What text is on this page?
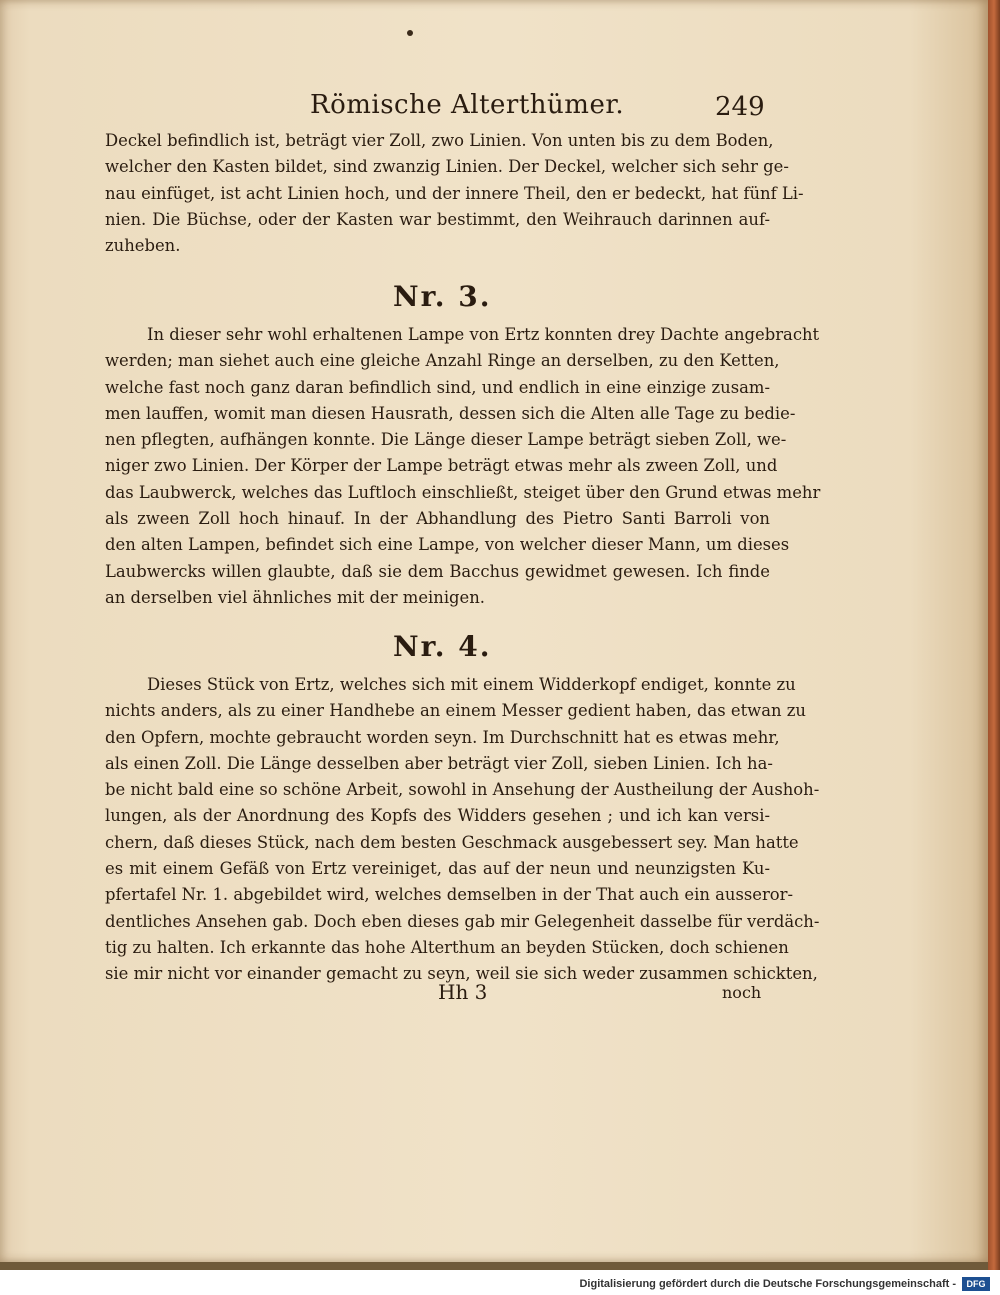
Römische Alterthümer.	249
Deckel befindlich ist, beträgt vier Zoll, zwo Linien. Von unten bis zu dem Boden,
welcher den Kasten bildet, sind zwanzig Linien. Der Deckel, welcher sich sehr ge-
nau einfüget, ist acht Linien hoch, und der innere Theil, den er bedeckt, hat fünf Li-
nien. Die Büchse, oder der Kasten war bestimmt, den Weihrauch darinnen auf-
zuheben.
Nr. 3.
In dieser sehr wohl erhaltenen Lampe von Ertz konnten drey Dachte angebracht
werden; man siehet auch eine gleiche Anzahl Ringe an derselben, zu den Ketten,
welche fast noch ganz daran befindlich sind, und endlich in eine einzige zusam-
men lauffen, womit man diesen Hausrath, dessen sich die Alten alle Tage zu bedie-
nen pflegten, aufhängen konnte. Die Länge dieser Lampe beträgt sieben Zoll, we-
niger zwo Linien. Der Körper der Lampe beträgt etwas mehr als zween Zoll, und
das Laubwerck, welches das Luftloch einschließt, steiget über den Grund etwas mehr
als zween Zoll hoch hinauf. In der Abhandlung des Pietro Santi Barroli von
den alten Lampen, befindet sich eine Lampe, von welcher dieser Mann, um dieses
Laubwercks willen glaubte, daß sie dem Bacchus gewidmet gewesen. Ich finde
an derselben viel ähnliches mit der meinigen.
Nr. 4.
Dieses Stück von Ertz, welches sich mit einem Widderkopf endiget, konnte zu
nichts anders, als zu einer Handhebe an einem Messer gedient haben, das etwan zu
den Opfern, mochte gebraucht worden seyn. Im Durchschnitt hat es etwas mehr,
als einen Zoll. Die Länge desselben aber beträgt vier Zoll, sieben Linien. Ich ha-
be nicht bald eine so schöne Arbeit, sowohl in Ansehung der Austheilung der Aushoh-
lungen, als der Anordnung des Kopfs des Widders gesehen ; und ich kan versi-
chern, daß dieses Stück, nach dem besten Geschmack ausgebessert sey. Man hatte
es mit einem Gefäß von Ertz vereiniget, das auf der neun und neunzigsten Ku-
pfertafel Nr. 1. abgebildet wird, welches demselben in der That auch ein ausseror-
dentliches Ansehen gab. Doch eben dieses gab mir Gelegenheit dasselbe für verdäch-
tig zu halten. Ich erkannte das hohe Alterthum an beyden Stücken, doch schienen
sie mir nicht vor einander gemacht zu seyn, weil sie sich weder zusammen schickten,
Hh 3	noch
Digitalisierung gefördert durch die Deutsche Forschungsgemeinschaft -	DFG
